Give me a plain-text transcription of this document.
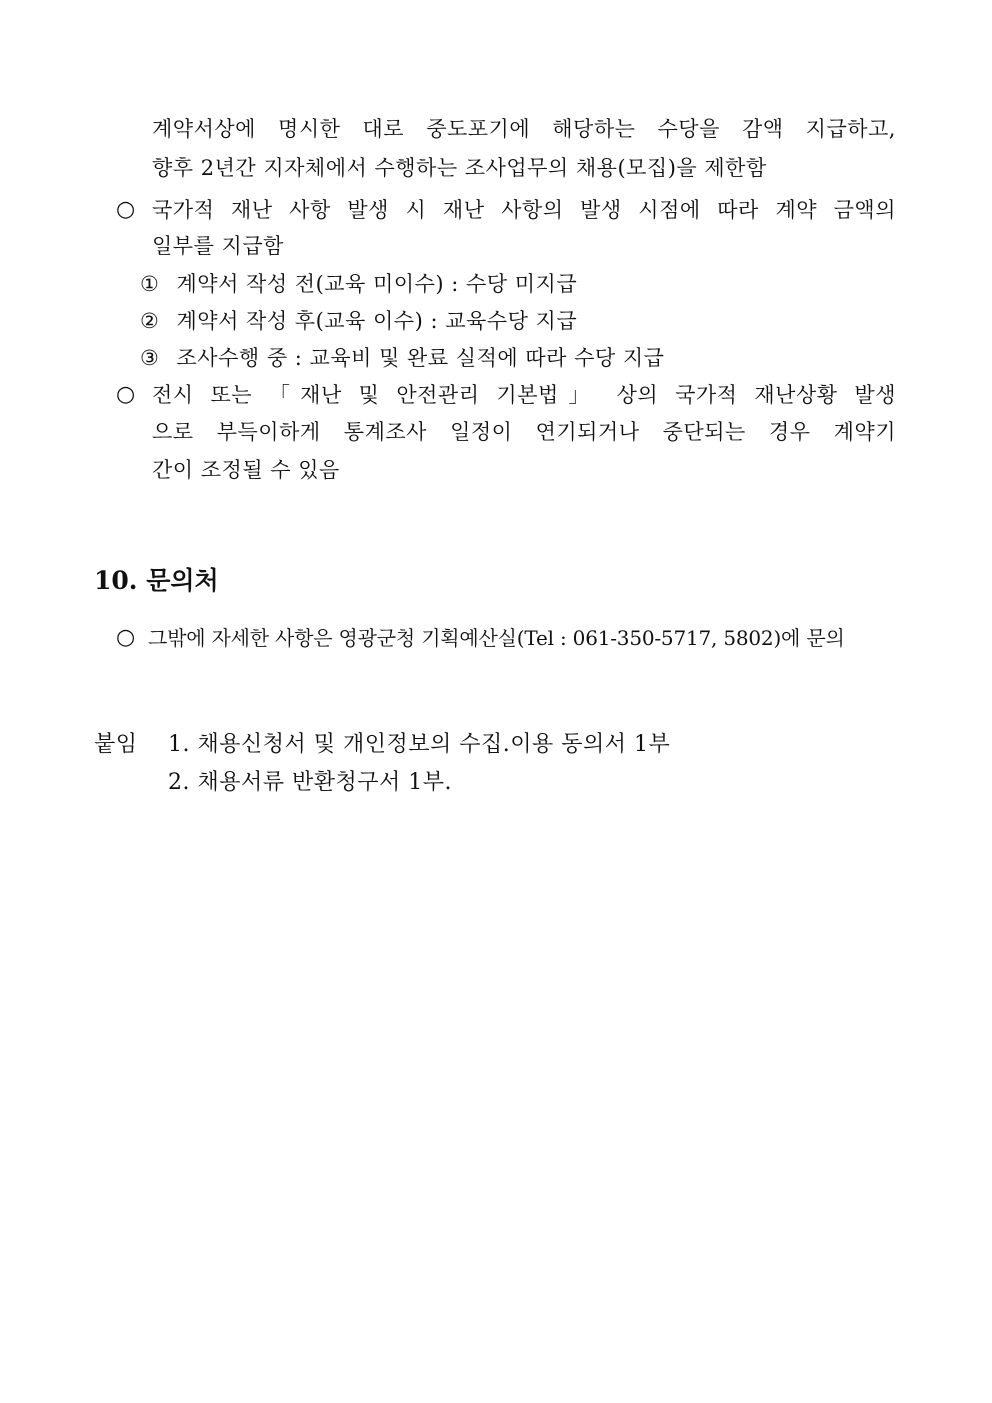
계약서상에 명시한 대로 중도포기에 해당하는 수당을 감액 지급하고,
향후 2년간 지자체에서 수행하는 조사업무의 채용(모집)을 제한함
○ 국가적 재난 사항 발생 시 재난 사항의 발생 시점에 따라 계약 금액의
일부를 지급함
① 계약서 작성 전(교육 미이수) : 수당 미지급
② 계약서 작성 후(교육 이수) : 교육수당 지급
③ 조사수행 중 : 교육비 및 완료 실적에 따라 수당 지급
○ 전시 또는 「재난 및 안전관리 기본법」 상의 국가적 재난상황 발생
으로 부득이하게 통계조사 일정이 연기되거나 중단되는 경우 계약기
간이 조정될 수 있음
10. 문의처
○ 그밖에 자세한 사항은 영광군청 기획예산실(Tel : 061-350-5717, 5802)에 문의
붙임 1. 채용신청서 및 개인정보의 수집.이용 동의서 1부
2. 채용서류 반환청구서 1부.
